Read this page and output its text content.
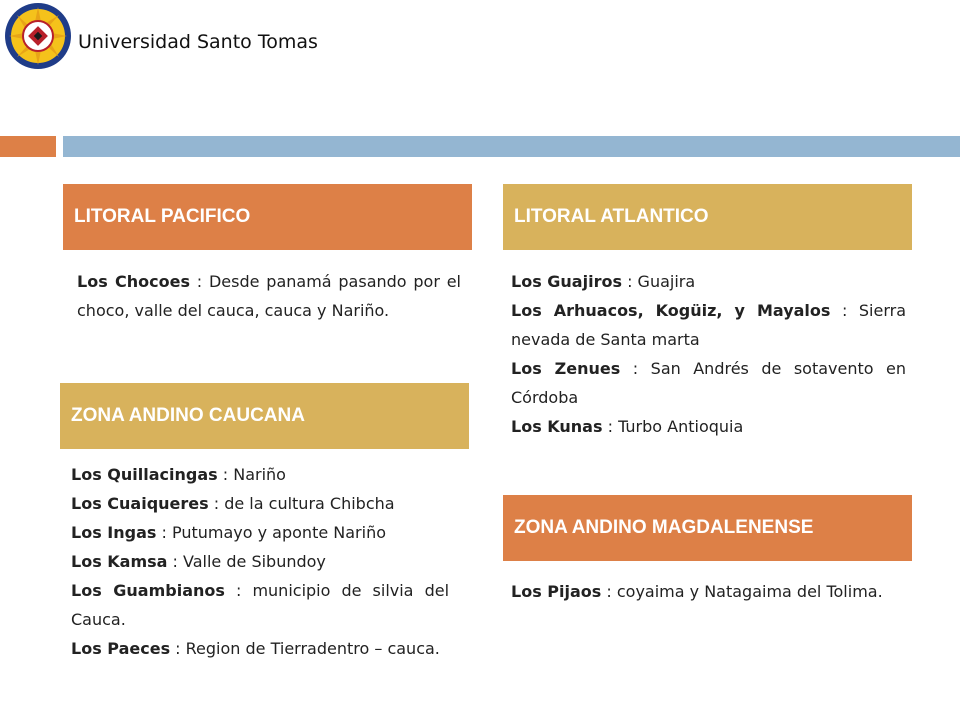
Universidad Santo Tomas
LITORAL PACIFICO
Los Chocoes : Desde panamá pasando por el choco, valle del cauca, cauca y Nariño.
LITORAL ATLANTICO
Los Guajiros : Guajira
Los Arhuacos, Kogüiz, y Mayalos : Sierra nevada de Santa marta
Los Zenues : San Andrés de sotavento en Córdoba
Los Kunas : Turbo Antioquia
ZONA ANDINO CAUCANA
Los Quillacingas : Nariño
Los Cuaiqueres : de la cultura Chibcha
Los Ingas : Putumayo y aponte Nariño
Los Kamsa : Valle de Sibundoy
Los Guambianos : municipio de silvia del Cauca.
Los Paeces : Region de Tierradentro – cauca.
ZONA ANDINO MAGDALENENSE
Los Pijaos : coyaima y Natagaima del Tolima.
